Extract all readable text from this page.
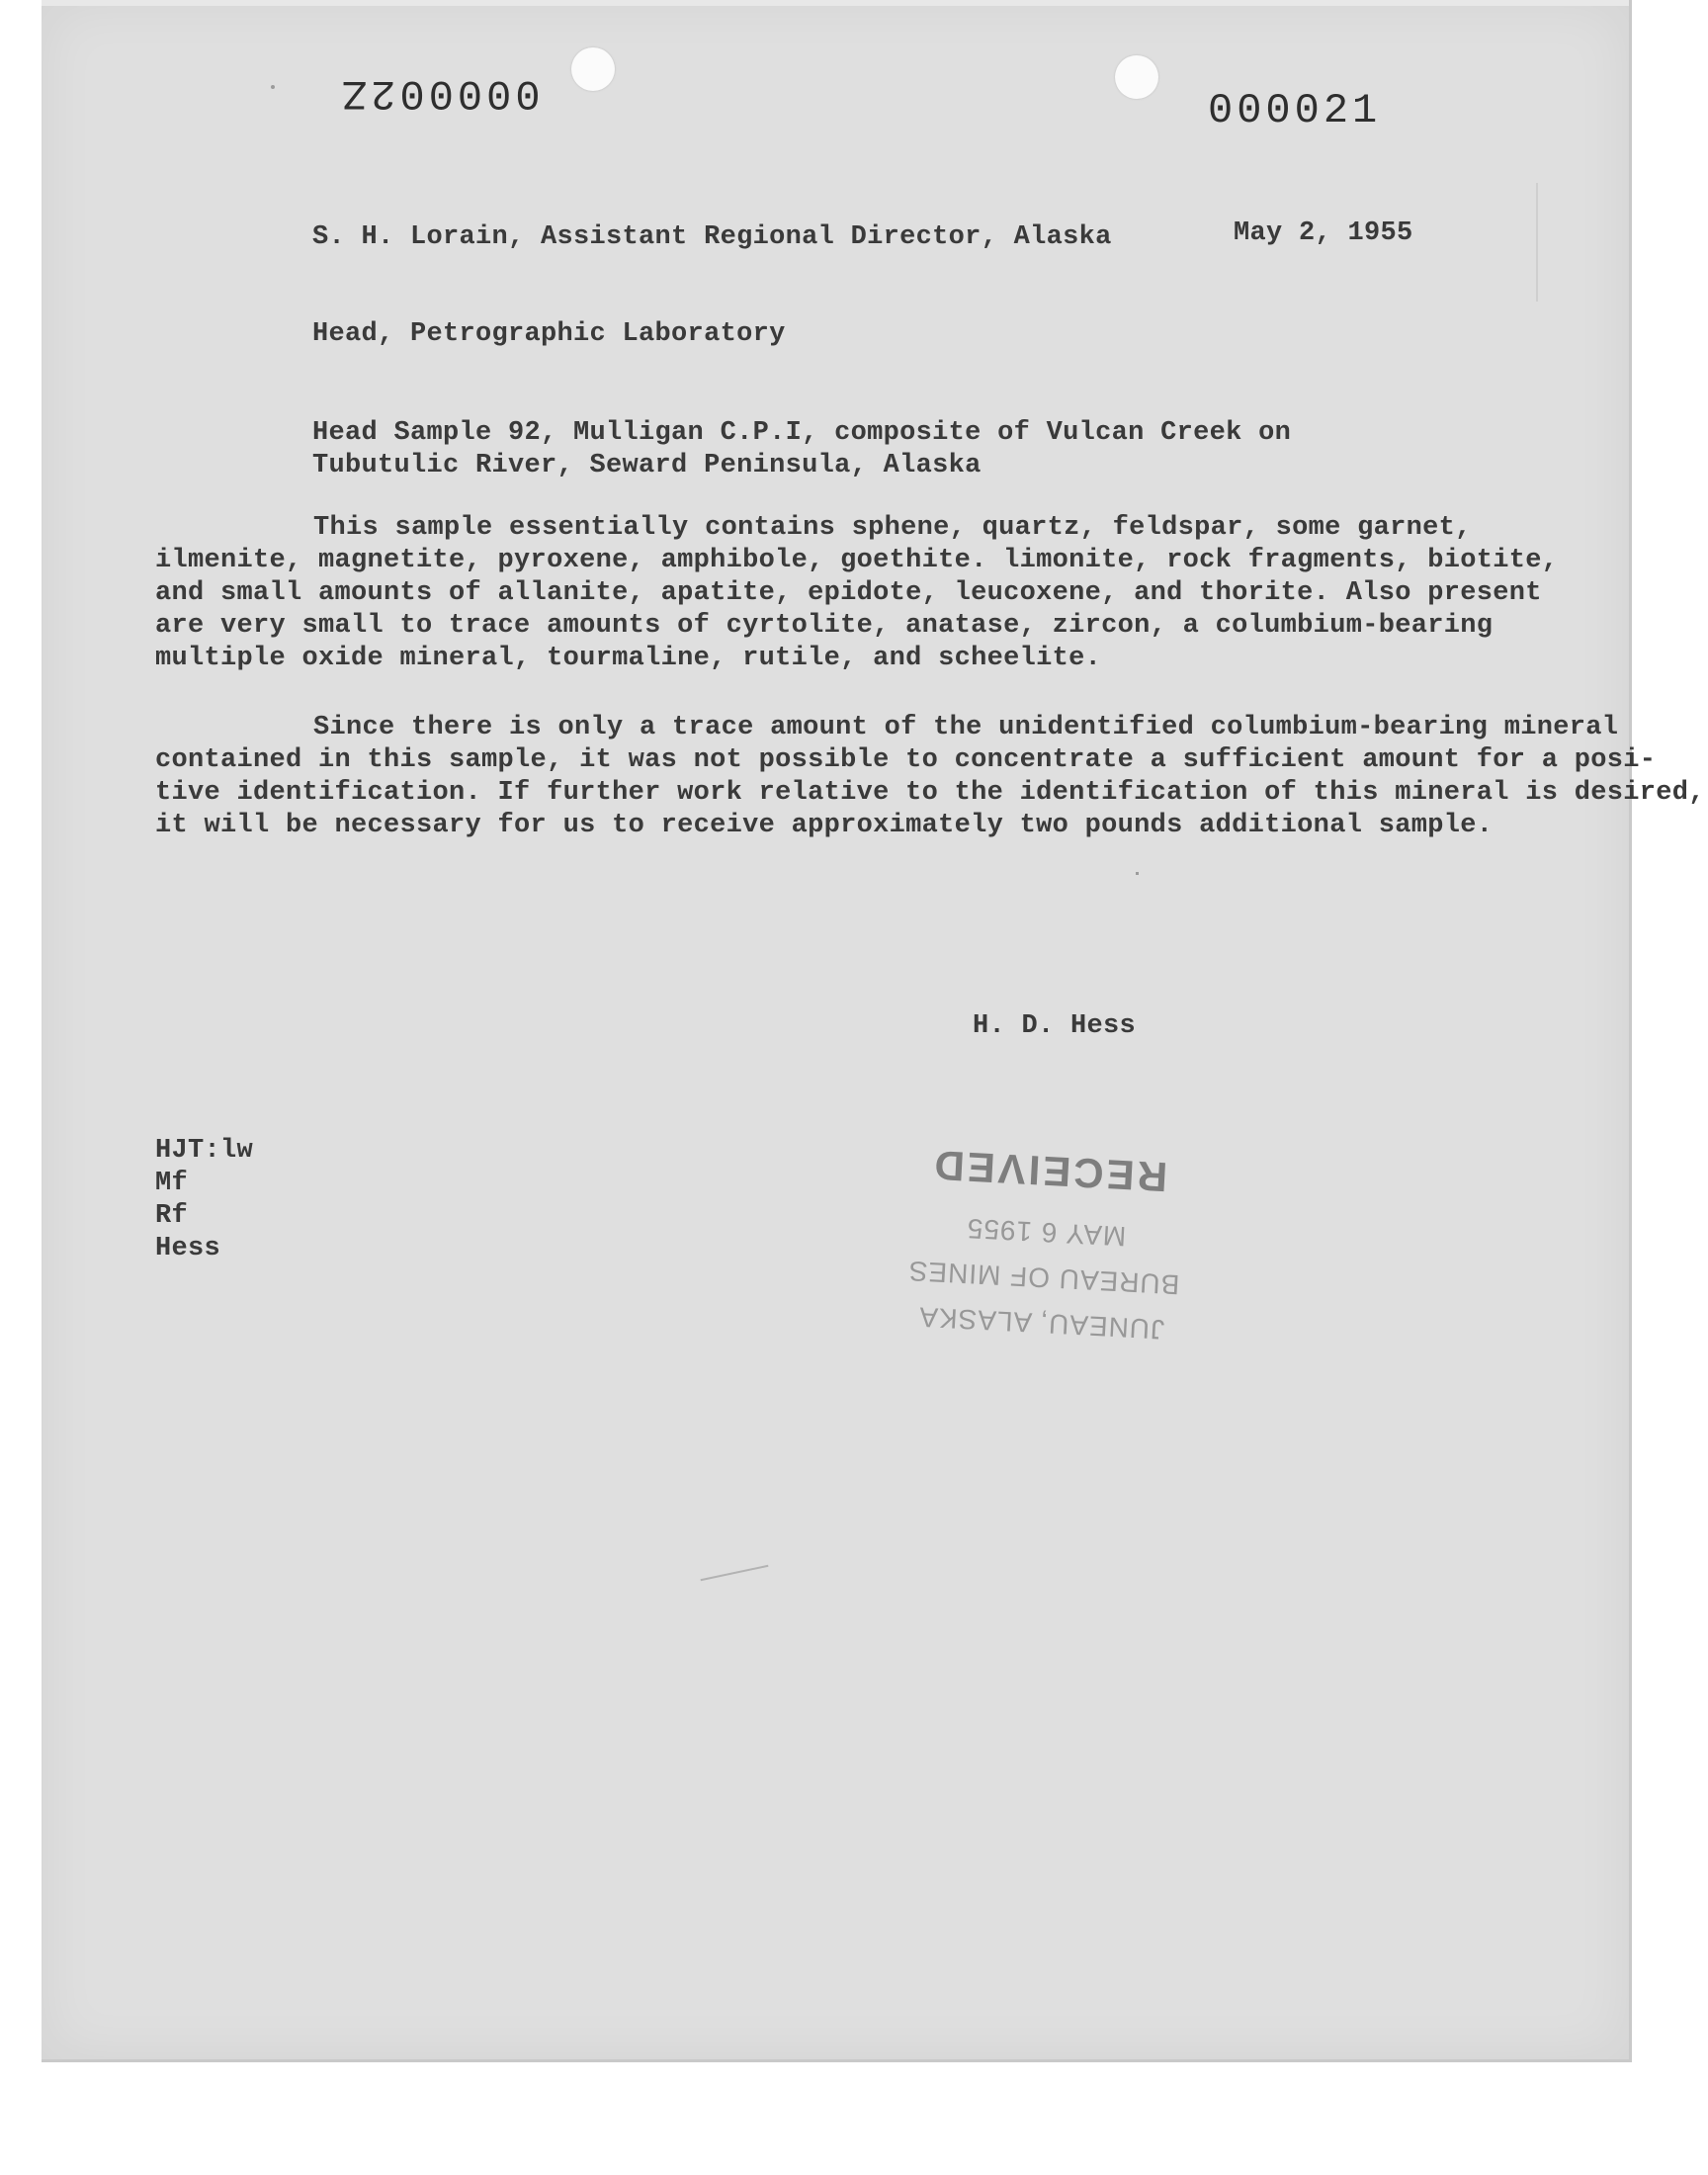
000002Z	000021
S. H. Lorain, Assistant Regional Director, Alaska	May 2, 1955
Head, Petrographic Laboratory
Head Sample 92, Mulligan C.P.I, composite of Vulcan Creek on
Tubutulic River, Seward Peninsula, Alaska
This sample essentially contains sphene, quartz, feldspar, some garnet,
ilmenite, magnetite, pyroxene, amphibole, goethite. limonite, rock fragments, biotite,
and small amounts of allanite, apatite, epidote, leucoxene, and thorite. Also present
are very small to trace amounts of cyrtolite, anatase, zircon, a columbium-bearing
multiple oxide mineral, tourmaline, rutile, and scheelite.
Since there is only a trace amount of the unidentified columbium-bearing mineral
contained in this sample, it was not possible to concentrate a sufficient amount for a posi-
tive identification. If further work relative to the identification of this mineral is desired,
it will be necessary for us to receive approximately two pounds additional sample.
H. D. Hess
HJT:lw
Mf
Rf
Hess
JUNEAU, ALASKA
BUREAU OF MINES
MAY 6 1955
RECEIVED
